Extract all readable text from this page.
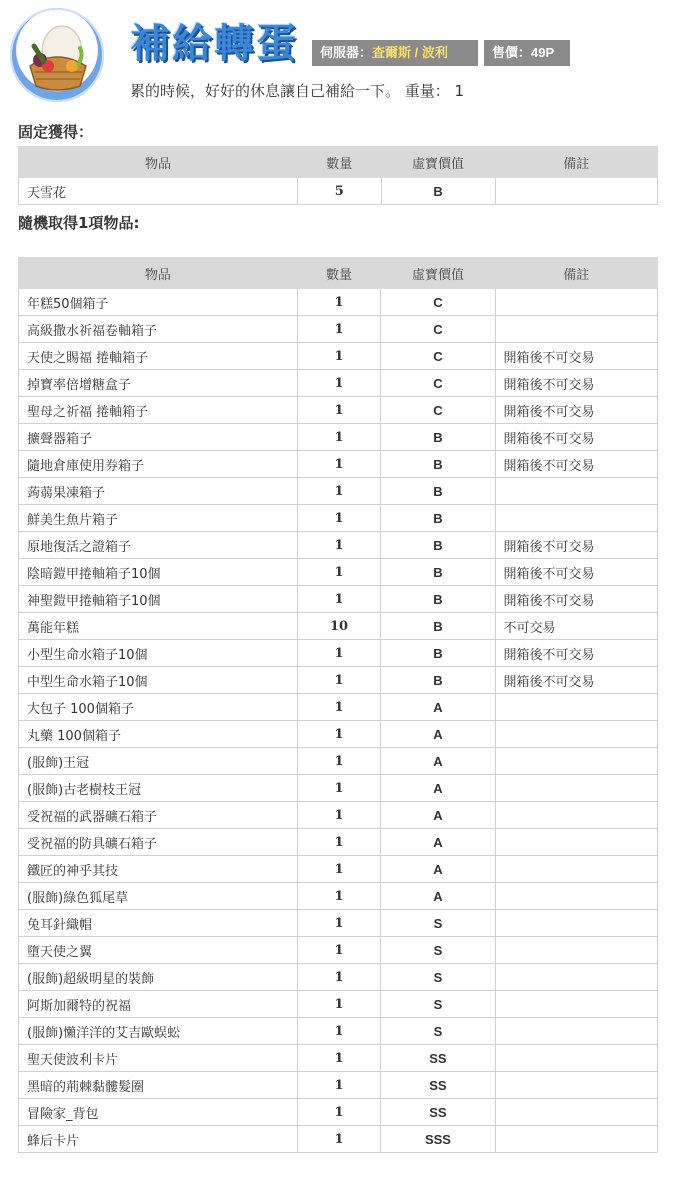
補給轉蛋	伺服器：查爾斯 / 波利	售價：49P
累的時候，好好的休息讓自己補給一下。 重量： 1
固定獲得：
物品	數量	虛寶價值	備註
天雪花	5	B	
隨機取得1項物品:
物品	數量	虛寶價值	備註
年糕50個箱子	1	C	
高級撒水祈福卷軸箱子	1	C	
天使之賜福 捲軸箱子	1	C	開箱後不可交易
掉寶率倍增糖盒子	1	C	開箱後不可交易
聖母之祈福 捲軸箱子	1	C	開箱後不可交易
擴聲器箱子	1	B	開箱後不可交易
隨地倉庫使用券箱子	1	B	開箱後不可交易
蒟蒻果凍箱子	1	B	
鮮美生魚片箱子	1	B	
原地復活之證箱子	1	B	開箱後不可交易
陰暗鎧甲捲軸箱子10個	1	B	開箱後不可交易
神聖鎧甲捲軸箱子10個	1	B	開箱後不可交易
萬能年糕	10	B	不可交易
小型生命水箱子10個	1	B	開箱後不可交易
中型生命水箱子10個	1	B	開箱後不可交易
大包子 100個箱子	1	A	
丸藥 100個箱子	1	A	
(服飾)王冠	1	A	
(服飾)古老樹枝王冠	1	A	
受祝福的武器礦石箱子	1	A	
受祝福的防具礦石箱子	1	A	
鐵匠的神乎其技	1	A	
(服飾)綠色狐尾草	1	A	
兔耳針織帽	1	S	
墮天使之翼	1	S	
(服飾)超級明星的裝飾	1	S	
阿斯加爾特的祝福	1	S	
(服飾)懶洋洋的艾吉歐蜈蚣	1	S	
聖天使波利卡片	1	SS	
黑暗的荊棘黏髏髮圈	1	SS	
冒險家_背包	1	SS	
蜂后卡片	1	SSS	
